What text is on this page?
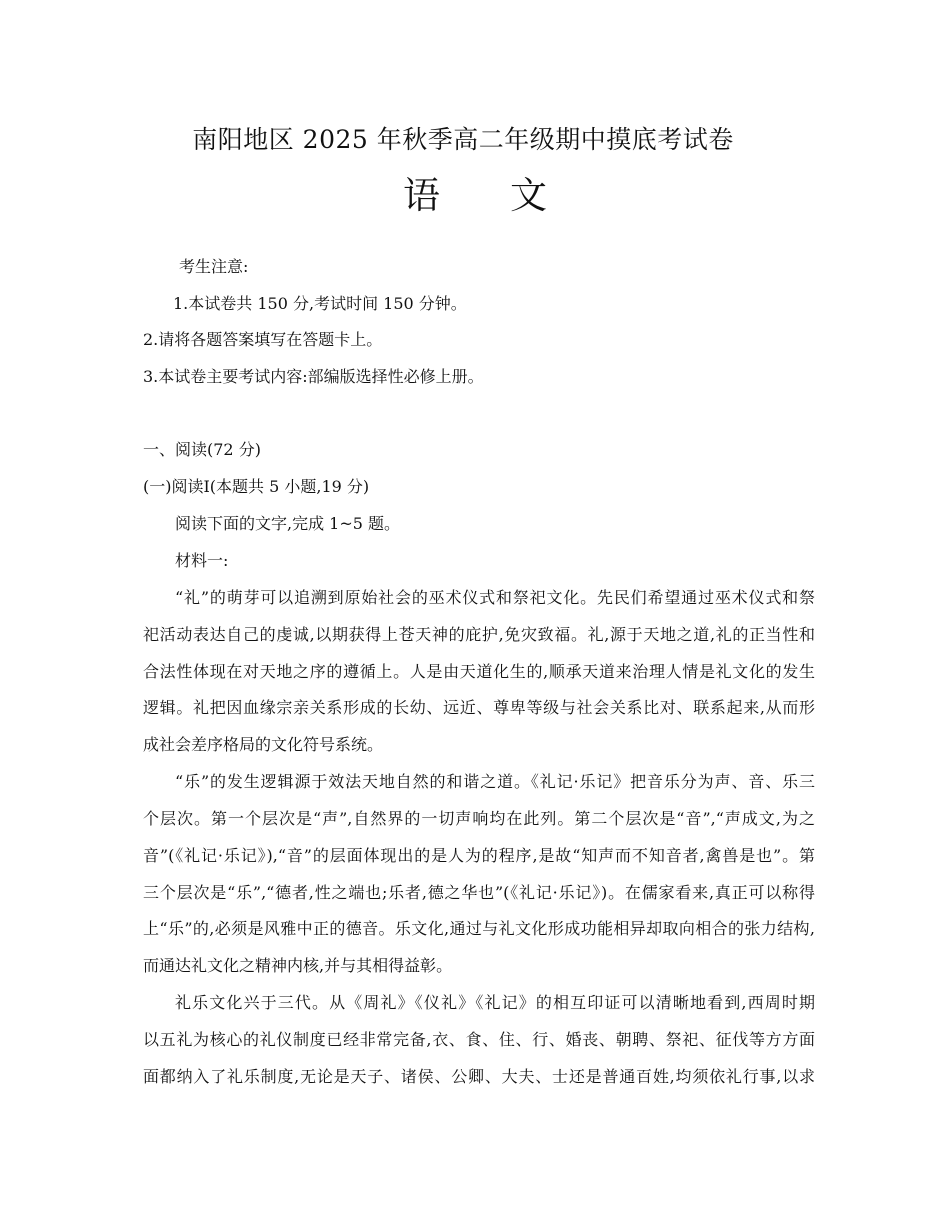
南阳地区 2025 年秋季高二年级期中摸底考试卷
语文
考生注意:
1.本试卷共 150 分,考试时间 150 分钟。
2.请将各题答案填写在答题卡上。
3.本试卷主要考试内容:部编版选择性必修上册。
一、阅读(72 分)
(一)阅读I(本题共 5 小题,19 分)
阅读下面的文字,完成 1~5 题。
材料一:
“礼”的萌芽可以追溯到原始社会的巫术仪式和祭祀文化。先民们希望通过巫术仪式和祭
祀活动表达自己的虔诚,以期获得上苍天神的庇护,免灾致福。礼,源于天地之道,礼的正当性和
合法性体现在对天地之序的遵循上。人是由天道化生的,顺承天道来治理人情是礼文化的发生
逻辑。礼把因血缘宗亲关系形成的长幼、远近、尊卑等级与社会关系比对、联系起来,从而形
成社会差序格局的文化符号系统。
“乐”的发生逻辑源于效法天地自然的和谐之道。《礼记·乐记》把音乐分为声、音、乐三
个层次。第一个层次是“声”,自然界的一切声响均在此列。第二个层次是“音”,“声成文,为之
音”(《礼记·乐记》),“音”的层面体现出的是人为的程序,是故“知声而不知音者,禽兽是也”。第
三个层次是“乐”,“德者,性之端也;乐者,德之华也”(《礼记·乐记》)。在儒家看来,真正可以称得
上“乐”的,必须是风雅中正的德音。乐文化,通过与礼文化形成功能相异却取向相合的张力结构,
而通达礼文化之精神内核,并与其相得益彰。
礼乐文化兴于三代。从《周礼》《仪礼》《礼记》的相互印证可以清晰地看到,西周时期
以五礼为核心的礼仪制度已经非常完备,衣、食、住、行、婚丧、朝聘、祭祀、征伐等方方面
面都纳入了礼乐制度,无论是天子、诸侯、公卿、大夫、士还是普通百姓,均须依礼行事,以求
